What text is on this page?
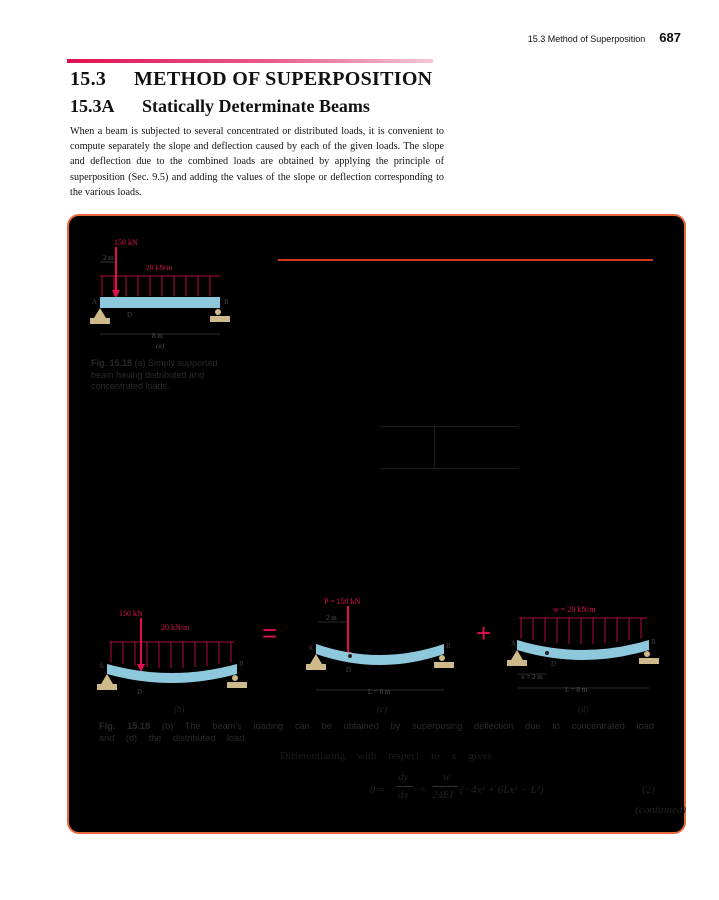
15.3 Method of Superposition 687
15.3 METHOD OF SUPERPOSITION
15.3A Statically Determinate Beams

When a beam is subjected to several concentrated or distributed loads, it is convenient to compute separately the slope and deflection caused by each of the given loads. The slope and deflection due to the combined loads are obtained by applying the principle of superposition (Sec. 9.5) and adding the values of the slope or deflection corresponding to the various loads.

150 kN
2 m
20 kN/m
A	B
D
8 m
(a)

Fig. 15.18 (a) Simply supported beam having distributed and concentrated loads.

150 kN
20 kN/m
A	B
D
(b)
=
P = 150 kN
2 m
A	B
D
L = 8 m
(c)
+
w = 20 kN/m
A	B
D
x = 2 m
L = 8 m
(d)

Fig. 15.18 (b) The beam's loading can be obtained by superposing deflection due to concentrated load and (d) the distributed load.

Differentiating with respect to x gives

θ =
dy
dx =
w
24EI (−4x³ + 6Lx² − L³)	(2)
(continued)
